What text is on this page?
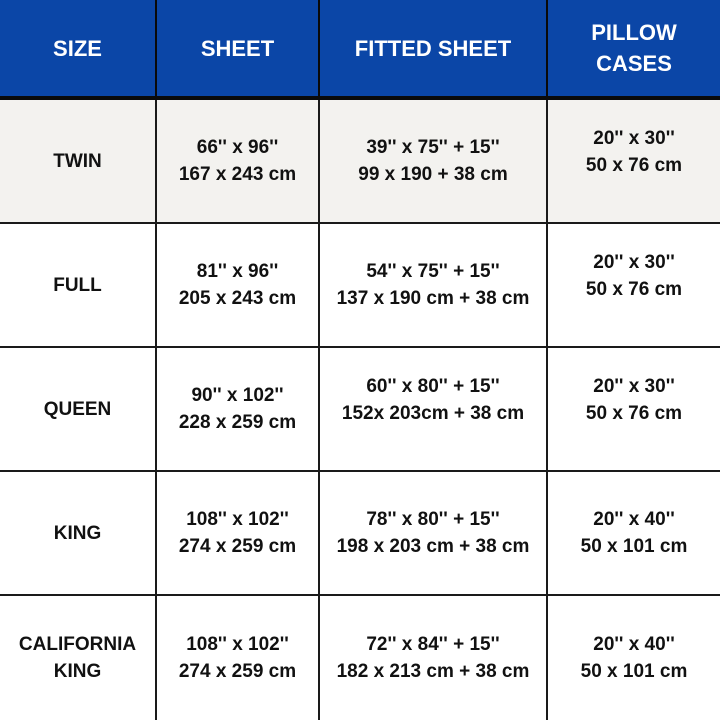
SIZE	SHEET	FITTED SHEET
PILLOW
CASES
TWIN
66'' x 96''
167 x 243 cm
39'' x 75'' + 15''
99 x 190 + 38 cm
20'' x 30''
50 x 76 cm
FULL
81'' x 96''
205 x 243 cm
54'' x 75'' + 15''
137 x 190 cm + 38 cm
20'' x 30''
50 x 76 cm
QUEEN
90'' x 102''
228 x 259 cm
60'' x 80'' + 15''
152x 203cm + 38 cm
20'' x 30''
50 x 76 cm
KING
108'' x 102''
274 x 259 cm
78'' x 80'' + 15''
198 x 203 cm + 38 cm
20'' x 40''
50 x 101 cm
CALIFORNIA
KING
108'' x 102''
274 x 259 cm
72'' x 84'' + 15''
182 x 213 cm + 38 cm
20'' x 40''
50 x 101 cm
